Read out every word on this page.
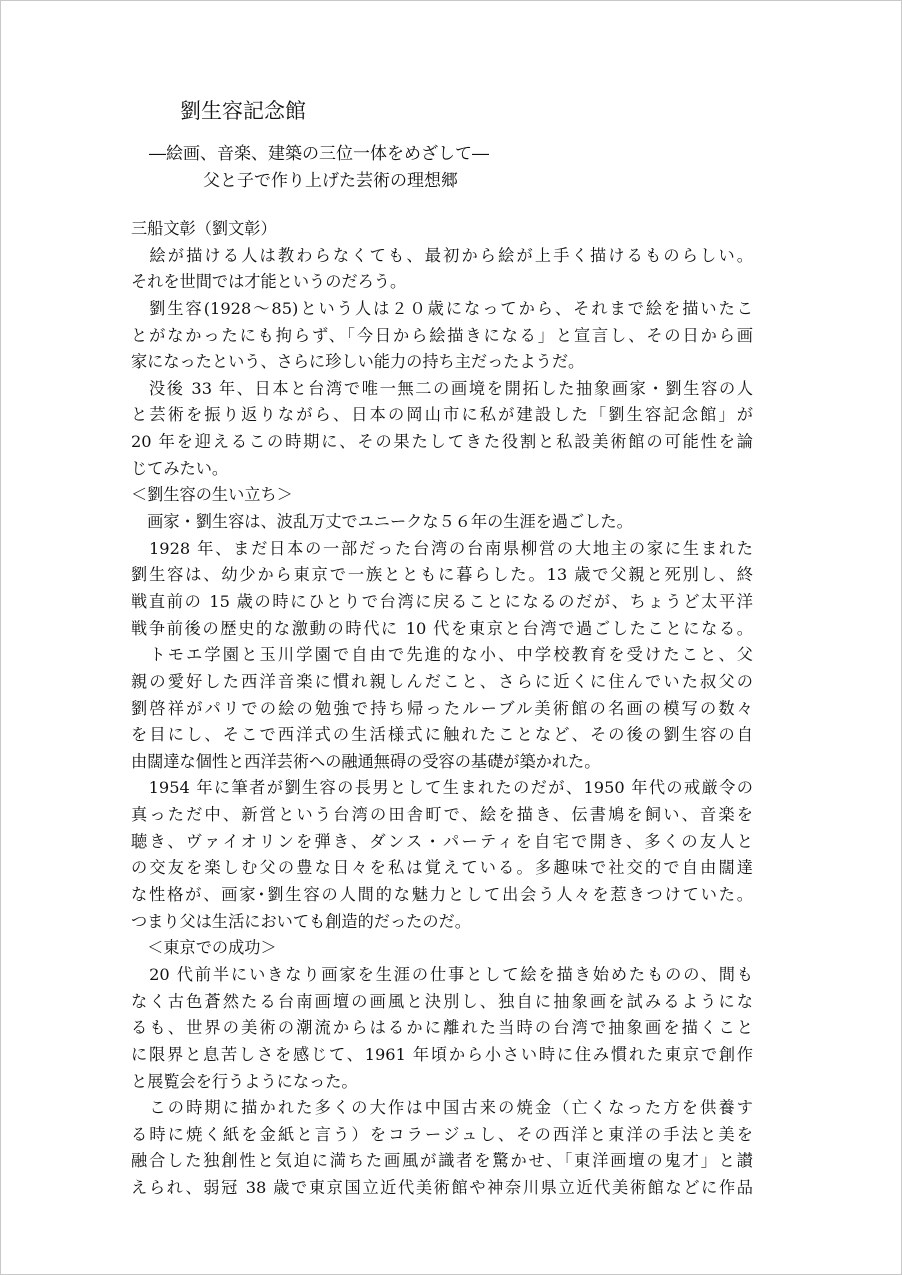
劉生容記念館
―絵画、音楽、建築の三位一体をめざして―
父と子で作り上げた芸術の理想郷
三船文彰（劉文彰）
　絵が描ける人は教わらなくても、最初から絵が上手く描けるものらしい。
それを世間では才能というのだろう。
　劉生容(1928～85)という人は２０歳になってから、それまで絵を描いたこ
とがなかったにも拘らず、「今日から絵描きになる」と宣言し、その日から画
家になったという、さらに珍しい能力の持ち主だったようだ。
　没後 33 年、日本と台湾で唯一無二の画境を開拓した抽象画家・劉生容の人
と芸術を振り返りながら、日本の岡山市に私が建設した「劉生容記念館」が
20 年を迎えるこの時期に、その果たしてきた役割と私設美術館の可能性を論
じてみたい。
＜劉生容の生い立ち＞
　画家・劉生容は、波乱万丈でユニークな５６年の生涯を過ごした。
　1928 年、まだ日本の一部だった台湾の台南県柳営の大地主の家に生まれた
劉生容は、幼少から東京で一族とともに暮らした。13 歳で父親と死別し、終
戦直前の 15 歳の時にひとりで台湾に戻ることになるのだが、ちょうど太平洋
戦争前後の歴史的な激動の時代に 10 代を東京と台湾で過ごしたことになる。
　トモエ学園と玉川学園で自由で先進的な小、中学校教育を受けたこと、父
親の愛好した西洋音楽に慣れ親しんだこと、さらに近くに住んでいた叔父の
劉啓祥がパリでの絵の勉強で持ち帰ったルーブル美術館の名画の模写の数々
を目にし、そこで西洋式の生活様式に触れたことなど、その後の劉生容の自
由闊達な個性と西洋芸術への融通無碍の受容の基礎が築かれた。
　1954 年に筆者が劉生容の長男として生まれたのだが、1950 年代の戒厳令の
真っただ中、新営という台湾の田舎町で、絵を描き、伝書鳩を飼い、音楽を
聴き、ヴァイオリンを弾き、ダンス・パーティを自宅で開き、多くの友人と
の交友を楽しむ父の豊な日々を私は覚えている。多趣味で社交的で自由闊達
な性格が、画家･劉生容の人間的な魅力として出会う人々を惹きつけていた。
つまり父は生活においても創造的だったのだ。
　＜東京での成功＞
　20 代前半にいきなり画家を生涯の仕事として絵を描き始めたものの、間も
なく古色蒼然たる台南画壇の画風と決別し、独自に抽象画を試みるようにな
るも、世界の美術の潮流からはるかに離れた当時の台湾で抽象画を描くこと
に限界と息苦しさを感じて、1961 年頃から小さい時に住み慣れた東京で創作
と展覧会を行うようになった。
　この時期に描かれた多くの大作は中国古来の焼金（亡くなった方を供養す
る時に焼く紙を金紙と言う）をコラージュし、その西洋と東洋の手法と美を
融合した独創性と気迫に満ちた画風が識者を驚かせ、「東洋画壇の鬼才」と讃
えられ、弱冠 38 歳で東京国立近代美術館や神奈川県立近代美術館などに作品
